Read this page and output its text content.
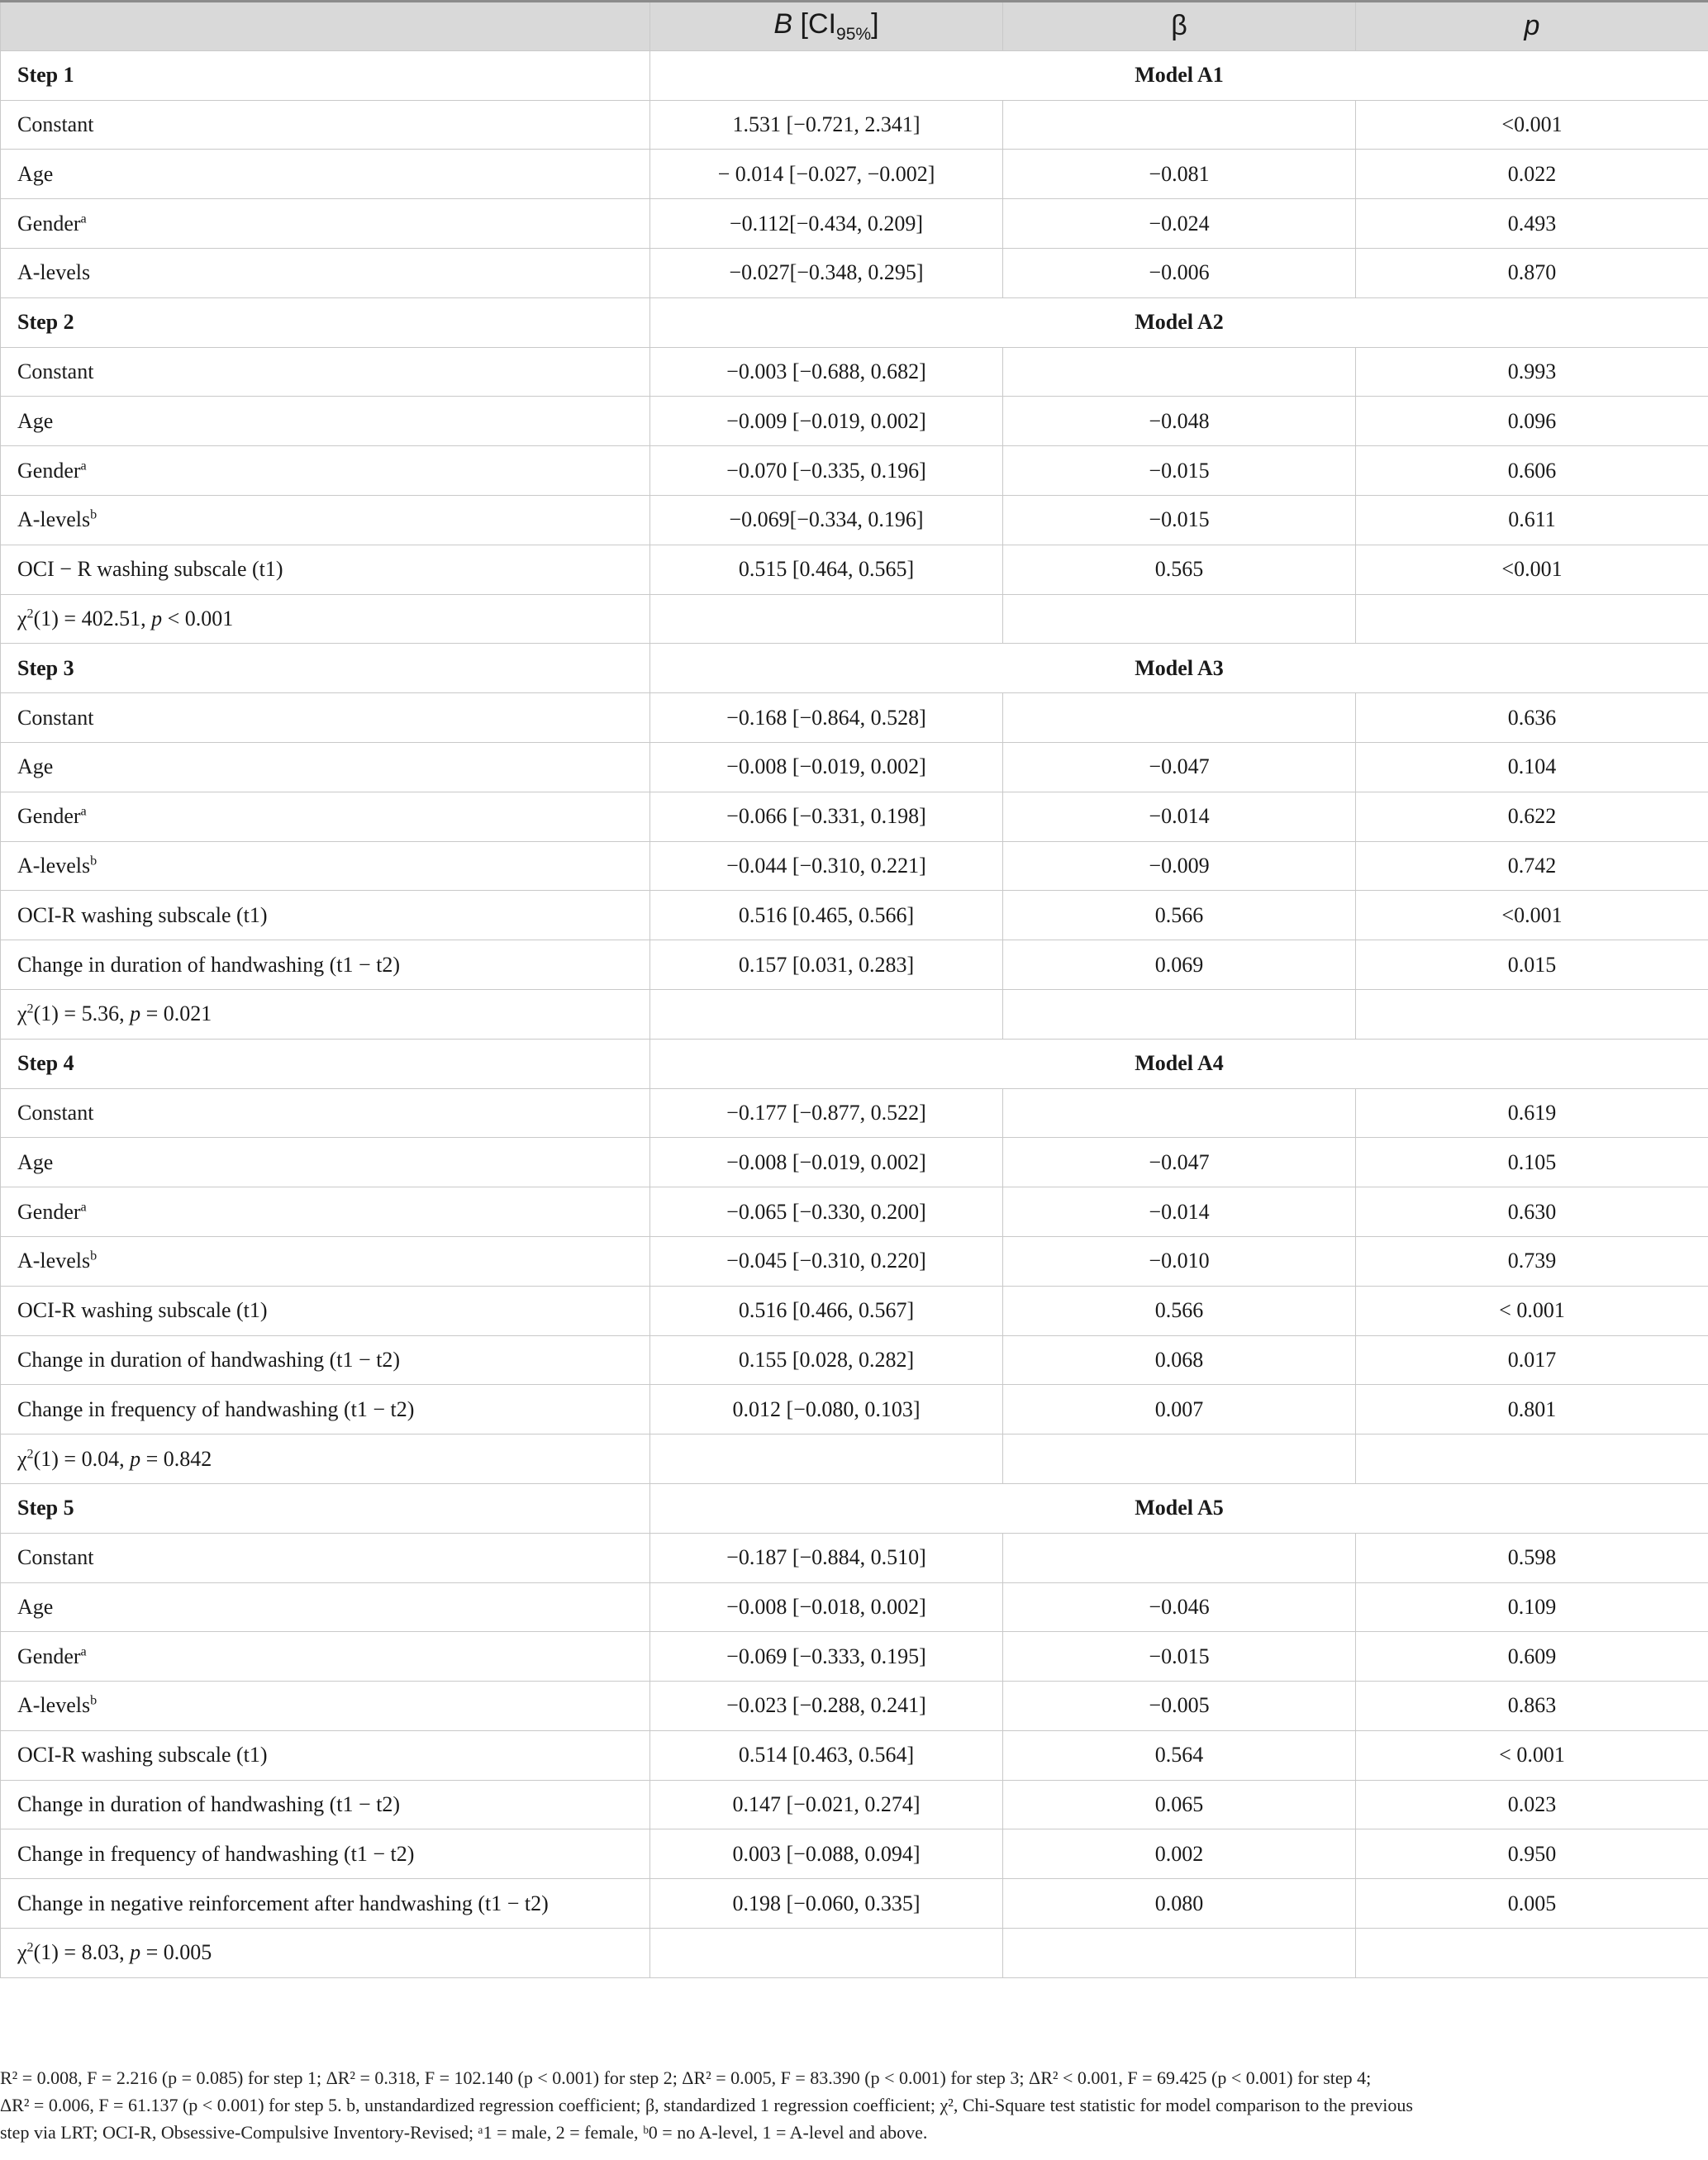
	B $[CI_{95\%}]$	β	p
Step 1	Model A1		
Constant	1.531 [−0.721, 2.341]		<0.001
Age	− 0.014 [−0.027, −0.002]	−0.081	0.022
Gender$^a$	−0.112[−0.434, 0.209]	−0.024	0.493
A-levels	−0.027[−0.348, 0.295]	−0.006	0.870
Step 2	Model A2		
Constant	−0.003 [−0.688, 0.682]		0.993
Age	−0.009 [−0.019, 0.002]	−0.048	0.096
Gender$^a$	−0.070 [−0.335, 0.196]	−0.015	0.606
A-levels$^b$	−0.069[−0.334, 0.196]	−0.015	0.611
OCI − R washing subscale (t1)	0.515 [0.464, 0.565]	0.565	<0.001
$\chi^2(1) = 402.51$, p < 0.001			
Step 3	Model A3		
Constant	−0.168 [−0.864, 0.528]		0.636
Age	−0.008 [−0.019, 0.002]	−0.047	0.104
Gender$^a$	−0.066 [−0.331, 0.198]	−0.014	0.622
A-levels$^b$	−0.044 [−0.310, 0.221]	−0.009	0.742
OCI-R washing subscale (t1)	0.516 [0.465, 0.566]	0.566	<0.001
Change in duration of handwashing (t1 − t2)	0.157 [0.031, 0.283]	0.069	0.015
$\chi^2(1) = 5.36$, p = 0.021			
Step 4	Model A4		
Constant	−0.177 [−0.877, 0.522]		0.619
Age	−0.008 [−0.019, 0.002]	−0.047	0.105
Gender$^a$	−0.065 [−0.330, 0.200]	−0.014	0.630
A-levels$^b$	−0.045 [−0.310, 0.220]	−0.010	0.739
OCI-R washing subscale (t1)	0.516 [0.466, 0.567]	0.566	< 0.001
Change in duration of handwashing (t1 − t2)	0.155 [0.028, 0.282]	0.068	0.017
Change in frequency of handwashing (t1 − t2)	0.012 [−0.080, 0.103]	0.007	0.801
$\chi^2(1) = 0.04$, p = 0.842			
Step 5	Model A5		
Constant	−0.187 [−0.884, 0.510]		0.598
Age	−0.008 [−0.018, 0.002]	−0.046	0.109
Gender$^a$	−0.069 [−0.333, 0.195]	−0.015	0.609
A-levels$^b$	−0.023 [−0.288, 0.241]	−0.005	0.863
OCI-R washing subscale (t1)	0.514 [0.463, 0.564]	0.564	< 0.001
Change in duration of handwashing (t1 − t2)	0.147 [−0.021, 0.274]	0.065	0.023
Change in frequency of handwashing (t1 − t2)	0.003 [−0.088, 0.094]	0.002	0.950
Change in negative reinforcement after handwashing (t1 − t2)	0.198 [−0.060, 0.335]	0.080	0.005
$\chi^2(1) = 8.03$, p = 0.005			

R² = 0.008, F = 2.216 (p = 0.085) for step 1; ΔR² = 0.318, F = 102.140 (p < 0.001) for step 2; ΔR² = 0.005, F = 83.390 (p < 0.001) for step 3; ΔR² < 0.001, F = 69.425 (p < 0.001) for step 4;

ΔR² = 0.006, F = 61.137 (p < 0.001) for step 5. b, unstandardized regression coefficient; β, standardized 1 regression coefficient; χ², Chi-Square test statistic for model comparison to the previous

step via LRT; OCI-R, Obsessive-Compulsive Inventory-Revised; ᵃ1 = male, 2 = female, ᵇ0 = no A-level, 1 = A-level and above.
